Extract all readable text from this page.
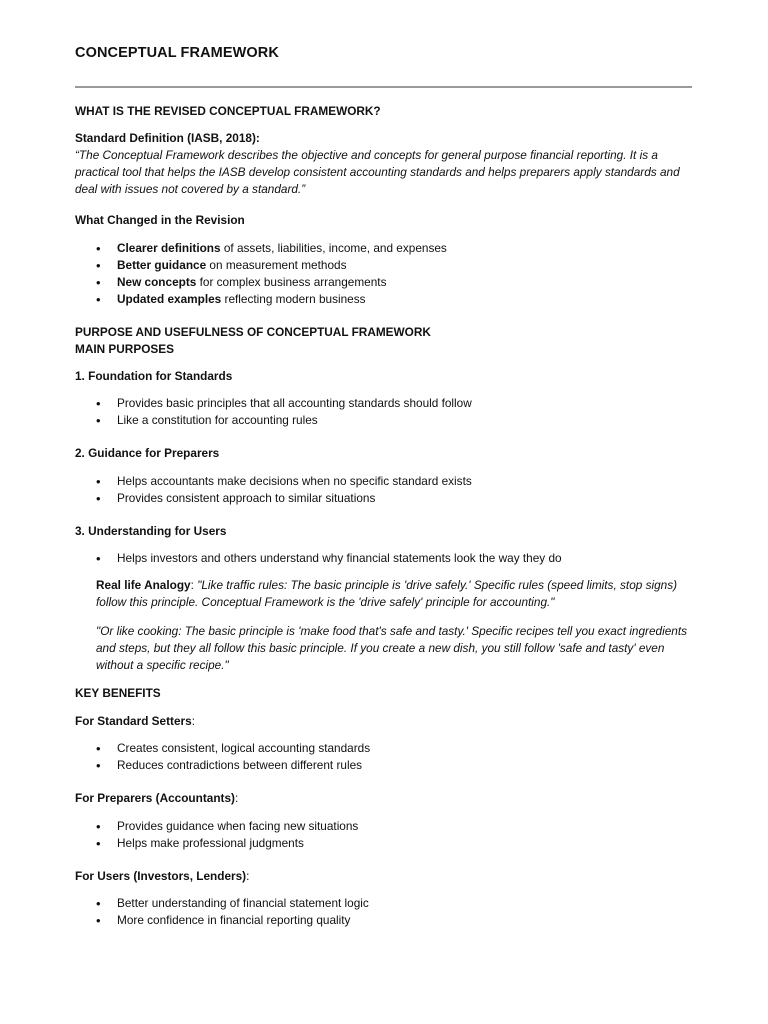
CONCEPTUAL FRAMEWORK

WHAT IS THE REVISED CONCEPTUAL FRAMEWORK?

Standard Definition (IASB, 2018):

“The Conceptual Framework describes the objective and concepts for general purpose financial reporting. It is a practical tool that helps the IASB develop consistent accounting standards and helps preparers apply standards and deal with issues not covered by a standard.”

What Changed in the Revision

• Clearer definitions of assets, liabilities, income, and expenses
• Better guidance on measurement methods
• New concepts for complex business arrangements
• Updated examples reflecting modern business

PURPOSE AND USEFULNESS OF CONCEPTUAL FRAMEWORK

MAIN PURPOSES

1. Foundation for Standards

• Provides basic principles that all accounting standards should follow
• Like a constitution for accounting rules

2. Guidance for Preparers

• Helps accountants make decisions when no specific standard exists
• Provides consistent approach to similar situations

3. Understanding for Users

• Helps investors and others understand why financial statements look the way they do

Real life Analogy: "Like traffic rules: The basic principle is 'drive safely.' Specific rules (speed limits, stop signs) follow this principle. Conceptual Framework is the 'drive safely' principle for accounting."

"Or like cooking: The basic principle is 'make food that's safe and tasty.' Specific recipes tell you exact ingredients and steps, but they all follow this basic principle. If you create a new dish, you still follow 'safe and tasty' even without a specific recipe."

KEY BENEFITS

For Standard Setters:

• Creates consistent, logical accounting standards
• Reduces contradictions between different rules

For Preparers (Accountants):

• Provides guidance when facing new situations
• Helps make professional judgments

For Users (Investors, Lenders):

• Better understanding of financial statement logic
• More confidence in financial reporting quality
